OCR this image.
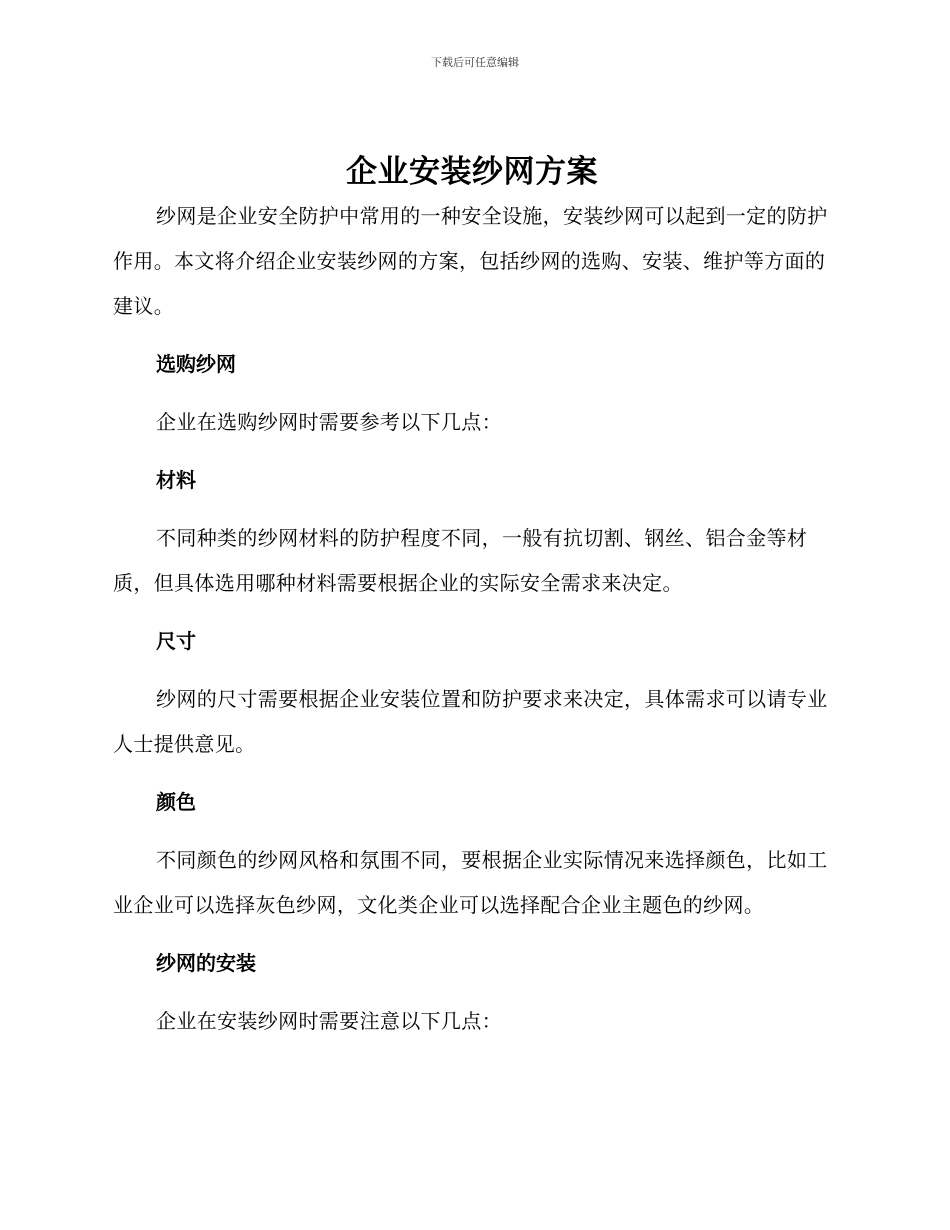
下载后可任意编辑
企业安装纱网方案

纱网是企业安全防护中常用的一种安全设施，安装纱网可以起到一定的防护作用。本文将介绍企业安装纱网的方案，包括纱网的选购、安装、维护等方面的建议。

选购纱网

企业在选购纱网时需要参考以下几点：

材料

不同种类的纱网材料的防护程度不同，一般有抗切割、钢丝、铝合金等材质，但具体选用哪种材料需要根据企业的实际安全需求来决定。

尺寸

纱网的尺寸需要根据企业安装位置和防护要求来决定，具体需求可以请专业人士提供意见。

颜色

不同颜色的纱网风格和氛围不同，要根据企业实际情况来选择颜色，比如工业企业可以选择灰色纱网，文化类企业可以选择配合企业主题色的纱网。

纱网的安装

企业在安装纱网时需要注意以下几点：
